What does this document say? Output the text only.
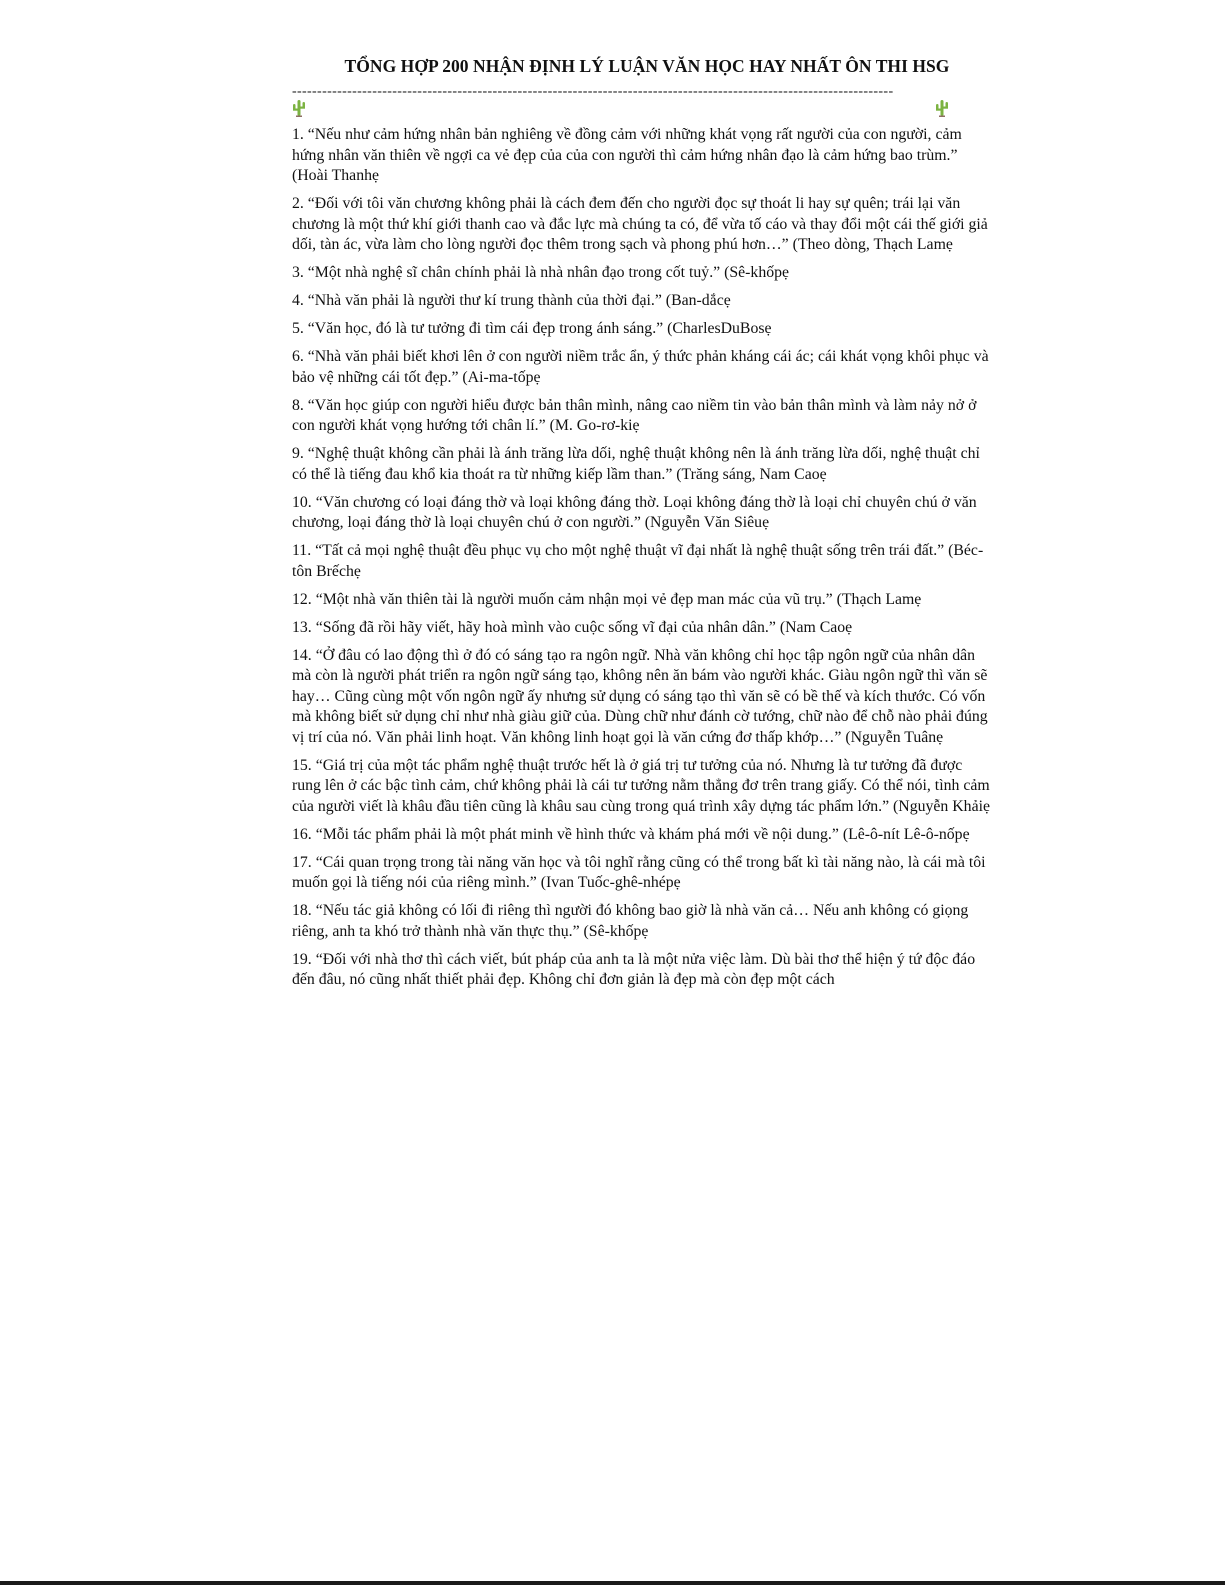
TỔNG HỢP 200 NHẬN ĐỊNH LÝ LUẬN VĂN HỌC HAY NHẤT ÔN THI HSG
------------------------------------------------------------------------------------------------------------------------

1. “Nếu như cảm hứng nhân bản nghiêng về đồng cảm với những khát vọng rất người của con người, cảm hứng nhân văn thiên về ngợi ca vẻ đẹp của của con người thì cảm hứng nhân đạo là cảm hứng bao trùm.” (Hoài Thanhẹ

2. “Đối với tôi văn chương không phải là cách đem đến cho người đọc sự thoát li hay sự quên; trái lại văn chương là một thứ khí giới thanh cao và đắc lực mà chúng ta có, để vừa tố cáo và thay đổi một cái thế giới giả dối, tàn ác, vừa làm cho lòng người đọc thêm trong sạch và phong phú hơn…” (Theo dòng, Thạch Lamẹ

3. “Một nhà nghệ sĩ chân chính phải là nhà nhân đạo trong cốt tuỷ.” (Sê-khốpẹ

4. “Nhà văn phải là người thư kí trung thành của thời đại.” (Ban-dắcẹ

5. “Văn học, đó là tư tưởng đi tìm cái đẹp trong ánh sáng.” (CharlesDuBosẹ

6. “Nhà văn phải biết khơi lên ở con người niềm trắc ẩn, ý thức phản kháng cái ác; cái khát vọng khôi phục và bảo vệ những cái tốt đẹp.” (Ai-ma-tốpẹ

8. “Văn học giúp con người hiểu được bản thân mình, nâng cao niềm tin vào bản thân mình và làm nảy nở ở con người khát vọng hướng tới chân lí.” (M. Go-rơ-kiẹ

9. “Nghệ thuật không cần phải là ánh trăng lừa dối, nghệ thuật không nên là ánh trăng lừa dối, nghệ thuật chỉ có thể là tiếng đau khổ kia thoát ra từ những kiếp lầm than.” (Trăng sáng, Nam Caoẹ

10. “Văn chương có loại đáng thờ và loại không đáng thờ. Loại không đáng thờ là loại chỉ chuyên chú ở văn chương, loại đáng thờ là loại chuyên chú ở con người.” (Nguyễn Văn Siêuẹ

11. “Tất cả mọi nghệ thuật đều phục vụ cho một nghệ thuật vĩ đại nhất là nghệ thuật sống trên trái đất.” (Béc-tôn Brếchẹ

12. “Một nhà văn thiên tài là người muốn cảm nhận mọi vẻ đẹp man mác của vũ trụ.” (Thạch Lamẹ

13. “Sống đã rồi hãy viết, hãy hoà mình vào cuộc sống vĩ đại của nhân dân.” (Nam Caoẹ

14. “Ở đâu có lao động thì ở đó có sáng tạo ra ngôn ngữ. Nhà văn không chỉ học tập ngôn ngữ của nhân dân mà còn là người phát triển ra ngôn ngữ sáng tạo, không nên ăn bám vào người khác. Giàu ngôn ngữ thì văn sẽ hay… Cũng cùng một vốn ngôn ngữ ấy nhưng sử dụng có sáng tạo thì văn sẽ có bề thế và kích thước. Có vốn mà không biết sử dụng chỉ như nhà giàu giữ của. Dùng chữ như đánh cờ tướng, chữ nào để chỗ nào phải đúng vị trí của nó. Văn phải linh hoạt. Văn không linh hoạt gọi là văn cứng đơ thấp khớp…” (Nguyễn Tuânẹ

15. “Giá trị của một tác phẩm nghệ thuật trước hết là ở giá trị tư tưởng của nó. Nhưng là tư tưởng đã được rung lên ở các bậc tình cảm, chứ không phải là cái tư tưởng nằm thẳng đơ trên trang giấy. Có thể nói, tình cảm của người viết là khâu đầu tiên cũng là khâu sau cùng trong quá trình xây dựng tác phẩm lớn.” (Nguyễn Khảiẹ

16. “Mỗi tác phẩm phải là một phát minh về hình thức và khám phá mới về nội dung.” (Lê-ô-nít Lê-ô-nốpẹ

17. “Cái quan trọng trong tài năng văn học và tôi nghĩ rằng cũng có thể trong bất kì tài năng nào, là cái mà tôi muốn gọi là tiếng nói của riêng mình.” (Ivan Tuốc-ghê-nhépẹ

18. “Nếu tác giả không có lối đi riêng thì người đó không bao giờ là nhà văn cả… Nếu anh không có giọng riêng, anh ta khó trở thành nhà văn thực thụ.” (Sê-khốpẹ

19. “Đối với nhà thơ thì cách viết, bút pháp của anh ta là một nửa việc làm. Dù bài thơ thể hiện ý tứ độc đáo đến đâu, nó cũng nhất thiết phải đẹp. Không chỉ đơn giản là đẹp mà còn đẹp một cách
